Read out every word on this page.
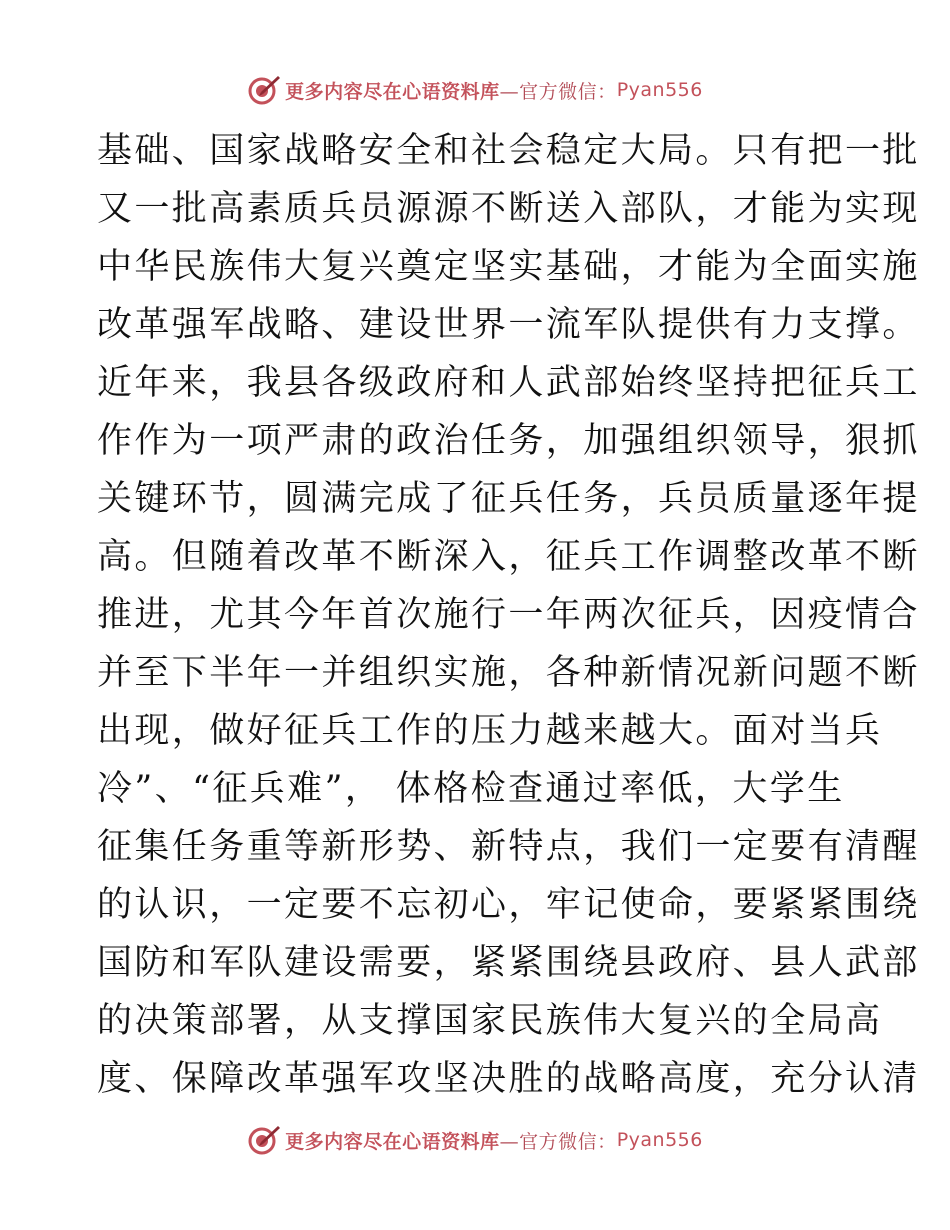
更多内容尽在心语资料库 —官方微信： Pyan556
基础、国家战略安全和社会稳定大局。只有把一批
又一批高素质兵员源源不断送入部队，才能为实现
中华民族伟大复兴奠定坚实基础，才能为全面实施
改革强军战略、建设世界一流军队提供有力支撑。
近年来，我县各级政府和人武部始终坚持把征兵工
作作为一项严肃的政治任务，加强组织领导，狠抓
关键环节，圆满完成了征兵任务，兵员质量逐年提
高。但随着改革不断深入，征兵工作调整改革不断
推进，尤其今年首次施行一年两次征兵，因疫情合
并至下半年一并组织实施，各种新情况新问题不断
出现，做好征兵工作的压力越来越大。面对当兵
冷”、“征兵难”， 体格检查通过率低，大学生
征集任务重等新形势、新特点，我们一定要有清醒
的认识，一定要不忘初心，牢记使命，要紧紧围绕
国防和军队建设需要，紧紧围绕县政府、县人武部
的决策部署，从支撑国家民族伟大复兴的全局高
度、保障改革强军攻坚决胜的战略高度，充分认清
更多内容尽在心语资料库 —官方微信： Pyan556
